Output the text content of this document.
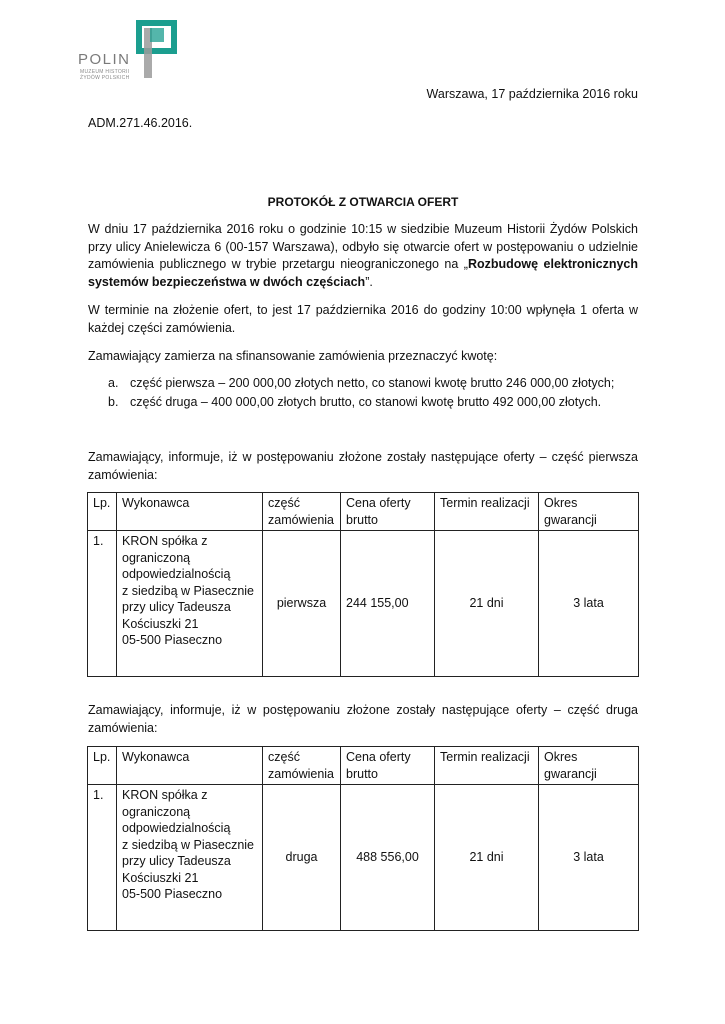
POLIN
MUZEUM HISTORII
ŻYDÓW POLSKICH
Warszawa, 17 października 2016 roku
ADM.271.46.2016.
PROTOKÓŁ Z OTWARCIA OFERT
W dniu 17 października 2016 roku o godzinie 10:15 w siedzibie Muzeum Historii Żydów Polskich przy ulicy Anielewicza 6 (00-157 Warszawa), odbyło się otwarcie ofert w postępowaniu o udzielnie zamówienia publicznego w trybie przetargu nieograniczonego na „Rozbudowę elektronicznych systemów bezpieczeństwa w dwóch częściach”.
W terminie na złożenie ofert, to jest 17 października 2016 do godziny 10:00 wpłynęła 1 oferta w każdej części zamówienia.
Zamawiający zamierza na sfinansowanie zamówienia przeznaczyć kwotę:
a. część pierwsza – 200 000,00 złotych netto, co stanowi kwotę brutto 246 000,00 złotych;
b. część druga – 400 000,00 złotych brutto, co stanowi kwotę brutto 492 000,00 złotych.
Zamawiający, informuje, iż w postępowaniu złożone zostały następujące oferty – część pierwsza zamówienia:
Lp.	Wykonawca	część zamówienia	Cena oferty brutto	Termin realizacji	Okres gwarancji
1.	KRON spółka z ograniczoną odpowiedzialnością
z siedzibą w Piasecznie przy ulicy Tadeusza Kościuszki 21
05-500 Piaseczno	pierwsza	244 155,00	21 dni	3 lata
Zamawiający, informuje, iż w postępowaniu złożone zostały następujące oferty – część druga zamówienia:
Lp.	Wykonawca	część zamówienia	Cena oferty brutto	Termin realizacji	Okres gwarancji
1.	KRON spółka z ograniczoną odpowiedzialnością
z siedzibą w Piasecznie przy ulicy Tadeusza Kościuszki 21
05-500 Piaseczno	druga	488 556,00	21 dni	3 lata
